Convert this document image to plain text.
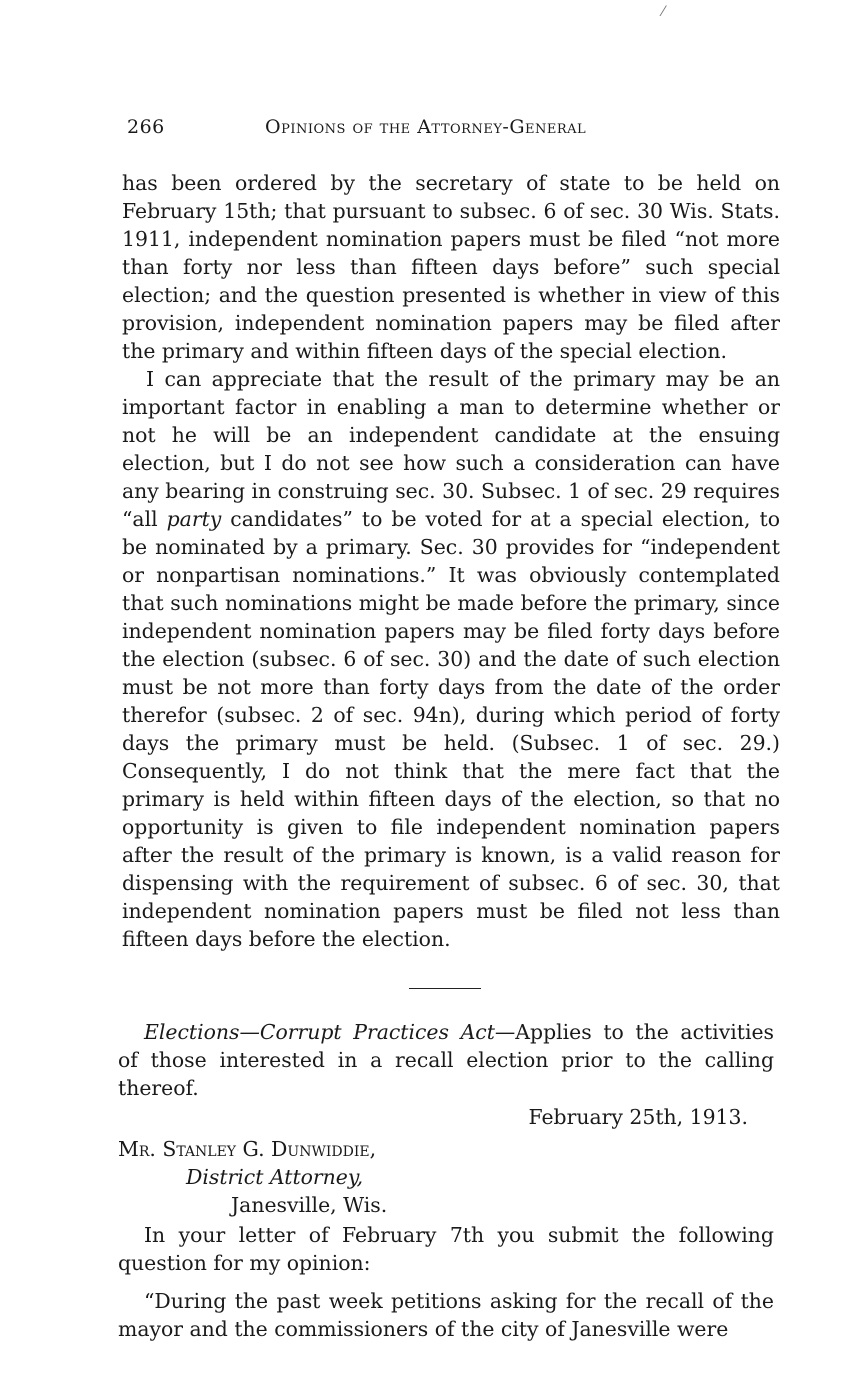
266	Opinions of the Attorney-General

has been ordered by the secretary of state to be held on February 15th; that pursuant to subsec. 6 of sec. 30 Wis. Stats. 1911, independent nomination papers must be filed “not more than forty nor less than fifteen days before” such special election; and the question presented is whether in view of this provision, independent nomination papers may be filed after the primary and within fifteen days of the special election.

I can appreciate that the result of the primary may be an important factor in enabling a man to determine whether or not he will be an independent candidate at the ensuing election, but I do not see how such a consideration can have any bearing in construing sec. 30. Subsec. 1 of sec. 29 requires “all party candidates” to be voted for at a special election, to be nominated by a primary. Sec. 30 provides for “independent or nonpartisan nominations.” It was obviously contemplated that such nominations might be made before the primary, since independent nomination papers may be filed forty days before the election (subsec. 6 of sec. 30) and the date of such election must be not more than forty days from the date of the order therefor (subsec. 2 of sec. 94n), during which period of forty days the primary must be held. (Subsec. 1 of sec. 29.) Consequently, I do not think that the mere fact that the primary is held within fifteen days of the election, so that no opportunity is given to file independent nomination papers after the result of the primary is known, is a valid reason for dispensing with the requirement of subsec. 6 of sec. 30, that independent nomination papers must be filed not less than fifteen days before the election.

Elections—Corrupt Practices Act—Applies to the activities of those interested in a recall election prior to the calling thereof.

February 25th, 1913.

Mr. Stanley G. Dunwiddie,

District Attorney,

Janesville, Wis.

In your letter of February 7th you submit the following question for my opinion:

“During the past week petitions asking for the recall of the mayor and the commissioners of the city of Janesville were

⁄
